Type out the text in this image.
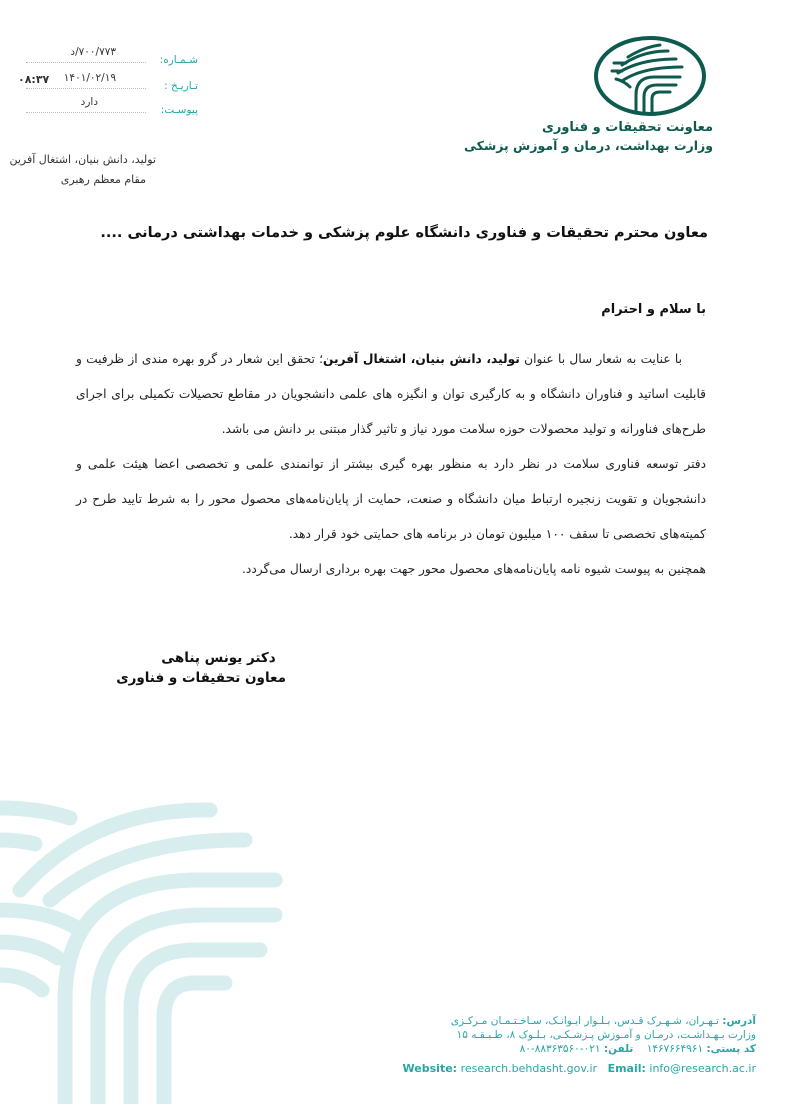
معاونت تحقیقات و فناوری
وزارت بهداشت، درمان و آموزش پزشکی
شـمـاره:
۷۰۰/۷۷۳/د
تـاریـخ :
۱۴۰۱/۰۲/۱۹
۰۸:۳۷
پیوسـت:
دارد
تولید، دانش بنیان، اشتغال آفرین
مقام معظم رهبری
معاون محترم تحقیقات و فناوری دانشگاه علوم پزشکی و خدمات بهداشتی درمانی ....
با سلام و احترام

با عنایت به شعار سال با عنوان تولید، دانش بنیان، اشتغال آفرین؛ تحقق این شعار در گرو بهره مندی از ظرفیت و قابلیت اساتید و فناوران دانشگاه و به کارگیری توان و انگیزه های علمی دانشجویان در مقاطع تحصیلات تکمیلی برای اجرای طرح‌های فناورانه و تولید محصولات حوزه سلامت مورد نیاز و تاثیر گذار مبتنی بر دانش می باشد.

دفتر توسعه فناوری سلامت در نظر دارد به منظور بهره گیری بیشتر از توانمندی علمی و تخصصی اعضا هیئت علمی و دانشجویان و تقویت زنجیره ارتباط میان دانشگاه و صنعت، حمایت از پایان‌نامه‌های محصول محور را به شرط تایید طرح در کمیته‌های تخصصی تا سقف ۱۰۰ میلیون تومان در برنامه های حمایتی خود قرار دهد.

همچنین به پیوست شیوه نامه پایان‌نامه‌های محصول محور جهت بهره برداری ارسال می‌گردد.

دکتر یونس پناهی
معاون تحقیقات و فناوری
آدرس: تـهـران، شـهـرک قـدس، بـلـوار ایـوانـک، سـاخـتـمـان مـرکـزی
وزارت بـهـداشـت، درمـان و آمـوزش پـزشـکـی، بـلـوک ۸، طـبـقـه ۱۵
کد پستی: ۱۴۶۷۶۶۴۹۶۱    تلفن: ۰۲۱-۸۸۳۶۳۵۶۰-۸۰
Website: research.behdasht.gov.ir Email: info@research.ac.ir
